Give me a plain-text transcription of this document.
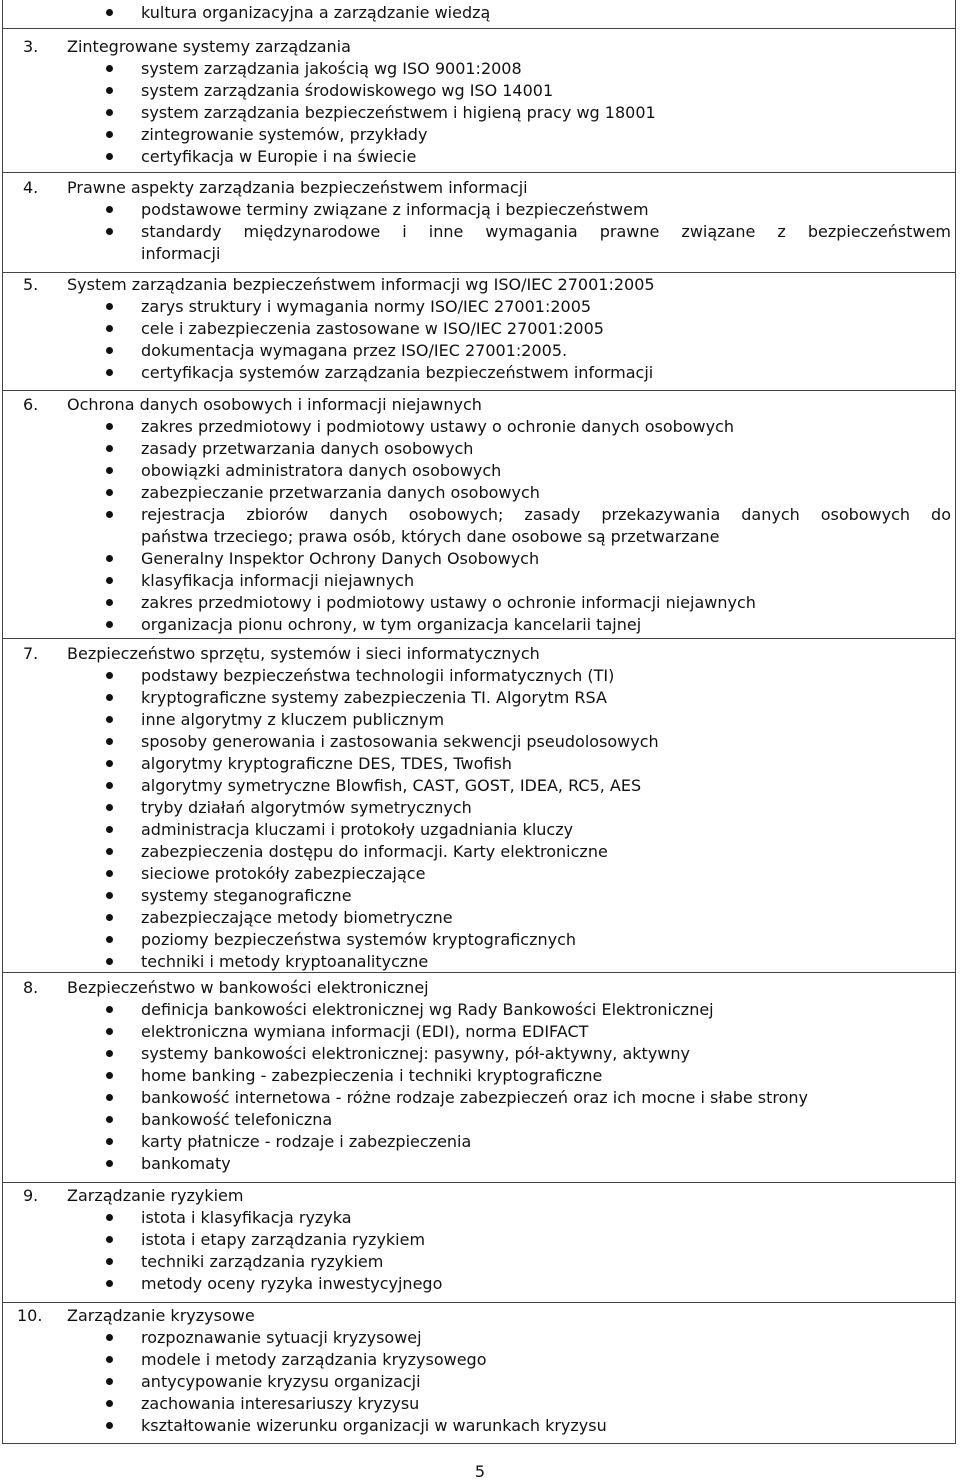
kultura organizacyjna a zarządzanie wiedzą
3. Zintegrowane systemy zarządzania
system zarządzania jakością wg ISO 9001:2008
system zarządzania środowiskowego wg ISO 14001
system zarządzania bezpieczeństwem i higieną pracy wg 18001
zintegrowanie systemów, przykłady
certyfikacja w Europie i na świecie
4. Prawne aspekty zarządzania bezpieczeństwem informacji
podstawowe terminy związane z informacją i bezpieczeństwem
standardy międzynarodowe i inne wymagania prawne związane z bezpieczeństwem
informacji
5. System zarządzania bezpieczeństwem informacji wg ISO/IEC 27001:2005
zarys struktury i wymagania normy ISO/IEC 27001:2005
cele i zabezpieczenia zastosowane w ISO/IEC 27001:2005
dokumentacja wymagana przez ISO/IEC 27001:2005.
certyfikacja systemów zarządzania bezpieczeństwem informacji
6. Ochrona danych osobowych i informacji niejawnych
zakres przedmiotowy i podmiotowy ustawy o ochronie danych osobowych
zasady przetwarzania danych osobowych
obowiązki administratora danych osobowych
zabezpieczanie przetwarzania danych osobowych
rejestracja zbiorów danych osobowych; zasady przekazywania danych osobowych do
państwa trzeciego; prawa osób, których dane osobowe są przetwarzane
Generalny Inspektor Ochrony Danych Osobowych
klasyfikacja informacji niejawnych
zakres przedmiotowy i podmiotowy ustawy o ochronie informacji niejawnych
organizacja pionu ochrony, w tym organizacja kancelarii tajnej
7. Bezpieczeństwo sprzętu, systemów i sieci informatycznych
podstawy bezpieczeństwa technologii informatycznych (TI)
kryptograficzne systemy zabezpieczenia TI. Algorytm RSA
inne algorytmy z kluczem publicznym
sposoby generowania i zastosowania sekwencji pseudolosowych
algorytmy kryptograficzne DES, TDES, Twofish
algorytmy symetryczne Blowfish, CAST, GOST, IDEA, RC5, AES
tryby działań algorytmów symetrycznych
administracja kluczami i protokoły uzgadniania kluczy
zabezpieczenia dostępu do informacji. Karty elektroniczne
sieciowe protokóły zabezpieczające
systemy steganograficzne
zabezpieczające metody biometryczne
poziomy bezpieczeństwa systemów kryptograficznych
techniki i metody kryptoanalityczne
8. Bezpieczeństwo w bankowości elektronicznej
definicja bankowości elektronicznej wg Rady Bankowości Elektronicznej
elektroniczna wymiana informacji (EDI), norma EDIFACT
systemy bankowości elektronicznej: pasywny, pół-aktywny, aktywny
home banking - zabezpieczenia i techniki kryptograficzne
bankowość internetowa - różne rodzaje zabezpieczeń oraz ich mocne i słabe strony
bankowość telefoniczna
karty płatnicze - rodzaje i zabezpieczenia
bankomaty
9. Zarządzanie ryzykiem
istota i klasyfikacja ryzyka
istota i etapy zarządzania ryzykiem
techniki zarządzania ryzykiem
metody oceny ryzyka inwestycyjnego
10. Zarządzanie kryzysowe
rozpoznawanie sytuacji kryzysowej
modele i metody zarządzania kryzysowego
antycypowanie kryzysu organizacji
zachowania interesariuszy kryzysu
kształtowanie wizerunku organizacji w warunkach kryzysu
5
